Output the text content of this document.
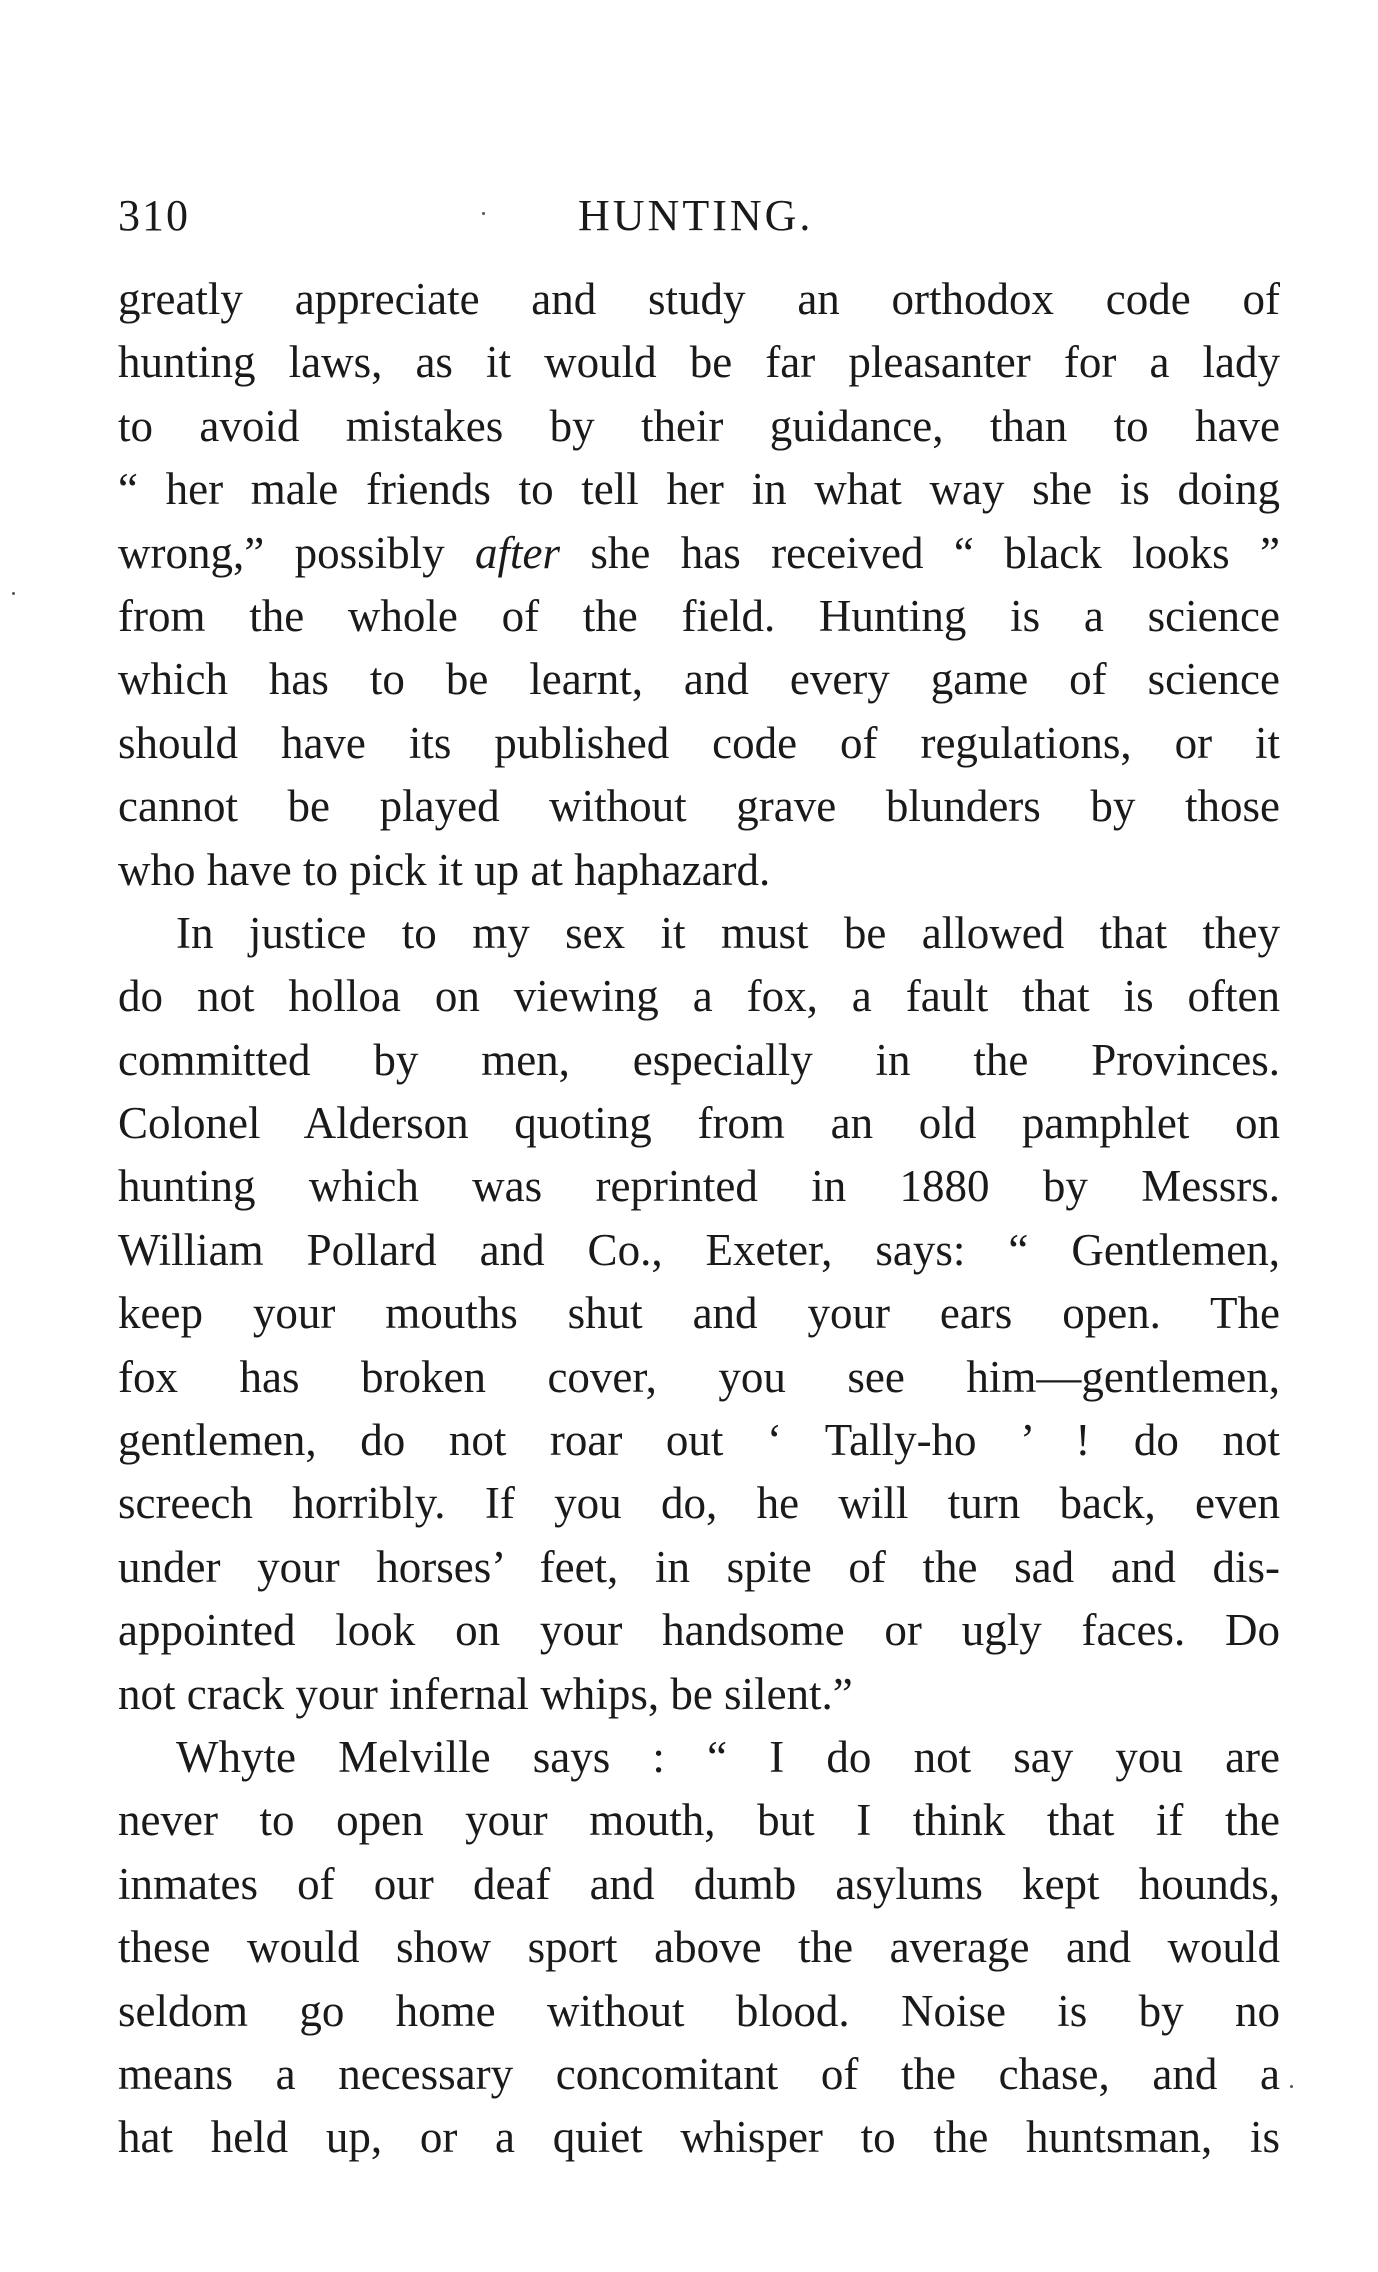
310	HUNTING.
greatly appreciate and study an orthodox code of
hunting laws, as it would be far pleasanter for a lady
to avoid mistakes by their guidance, than to have
“ her male friends to tell her in what way she is doing
wrong,” possibly after she has received “ black looks ”
from the whole of the field. Hunting is a science
which has to be learnt, and every game of science
should have its published code of regulations, or it
cannot be played without grave blunders by those
who have to pick it up at haphazard.
In justice to my sex it must be allowed that they
do not holloa on viewing a fox, a fault that is often
committed by men, especially in the Provinces.
Colonel Alderson quoting from an old pamphlet on
hunting which was reprinted in 1880 by Messrs.
William Pollard and Co., Exeter, says: “ Gentlemen,
keep your mouths shut and your ears open. The
fox has broken cover, you see him—gentlemen,
gentlemen, do not roar out ‘ Tally-ho ’ ! do not
screech horribly. If you do, he will turn back, even
under your horses’ feet, in spite of the sad and dis-
appointed look on your handsome or ugly faces. Do
not crack your infernal whips, be silent.”
Whyte Melville says : “ I do not say you are
never to open your mouth, but I think that if the
inmates of our deaf and dumb asylums kept hounds,
these would show sport above the average and would
seldom go home without blood. Noise is by no
means a necessary concomitant of the chase, and a
hat held up, or a quiet whisper to the huntsman, is
